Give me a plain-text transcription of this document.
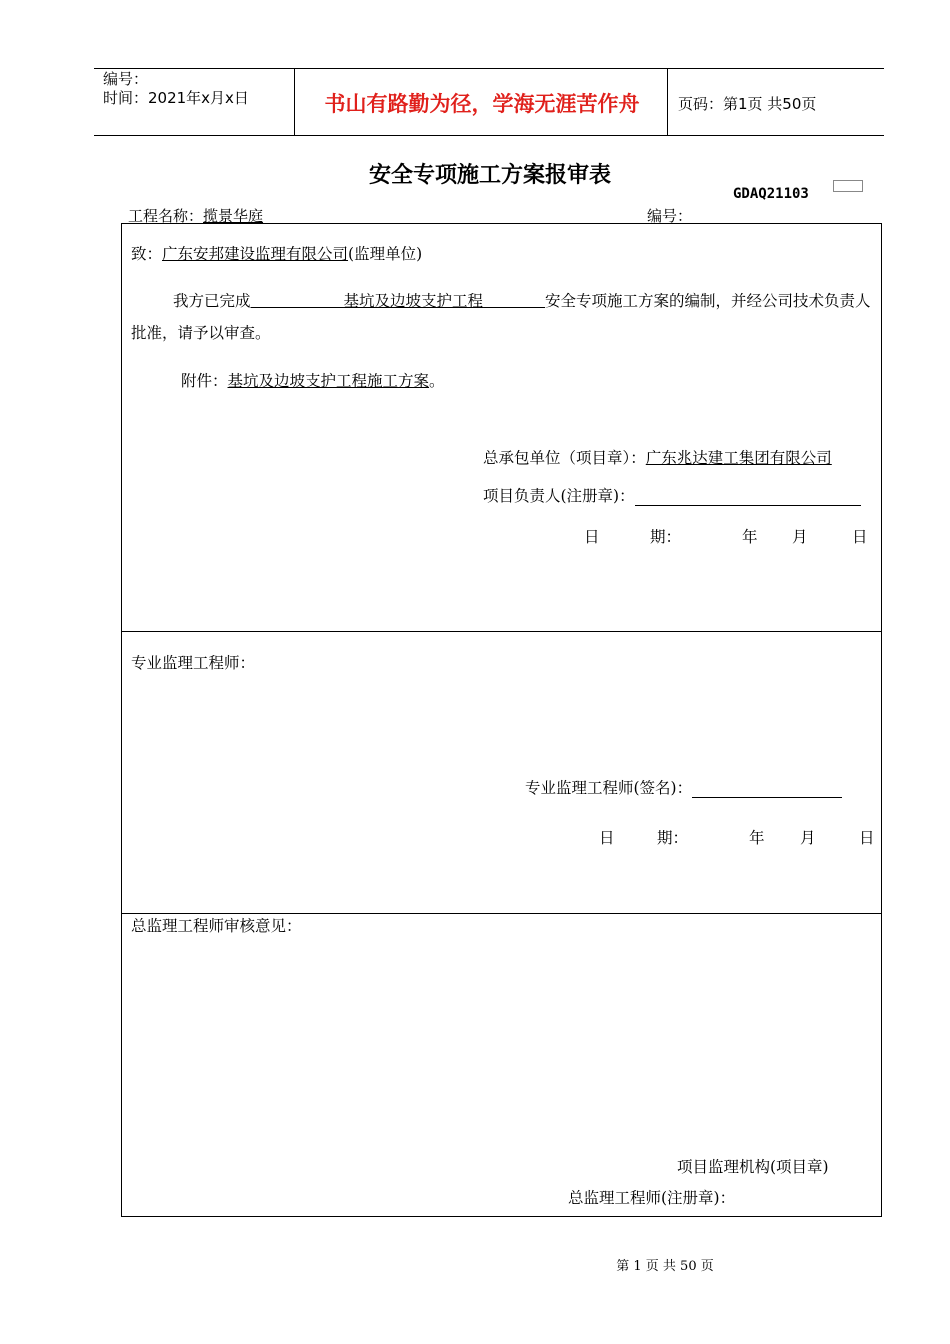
编号：
时间：2021年x月x日	书山有路勤为径，学海无涯苦作舟	页码：第1页 共50页
安全专项施工方案报审表
GDAQ21103
工程名称：揽景华庭	编号：
致：广东安邦建设监理有限公司(监理单位)
我方已完成      	基坑及边坡支护工程    	安全专项施工方案的编制，并经公司技术负责人批准，请予以审查。
附件：基坑及边坡支护工程施工方案。
总承包单位（项目章）：广东兆达建工集团有限公司
项目负责人(注册章)：
日	期：	年 月	日
专业监理工程师：
专业监理工程师(签名)：
日	期：	年 月	日
总监理工程师审核意见：
项目监理机构(项目章)
总监理工程师(注册章)：
第 1 页 共 50 页
